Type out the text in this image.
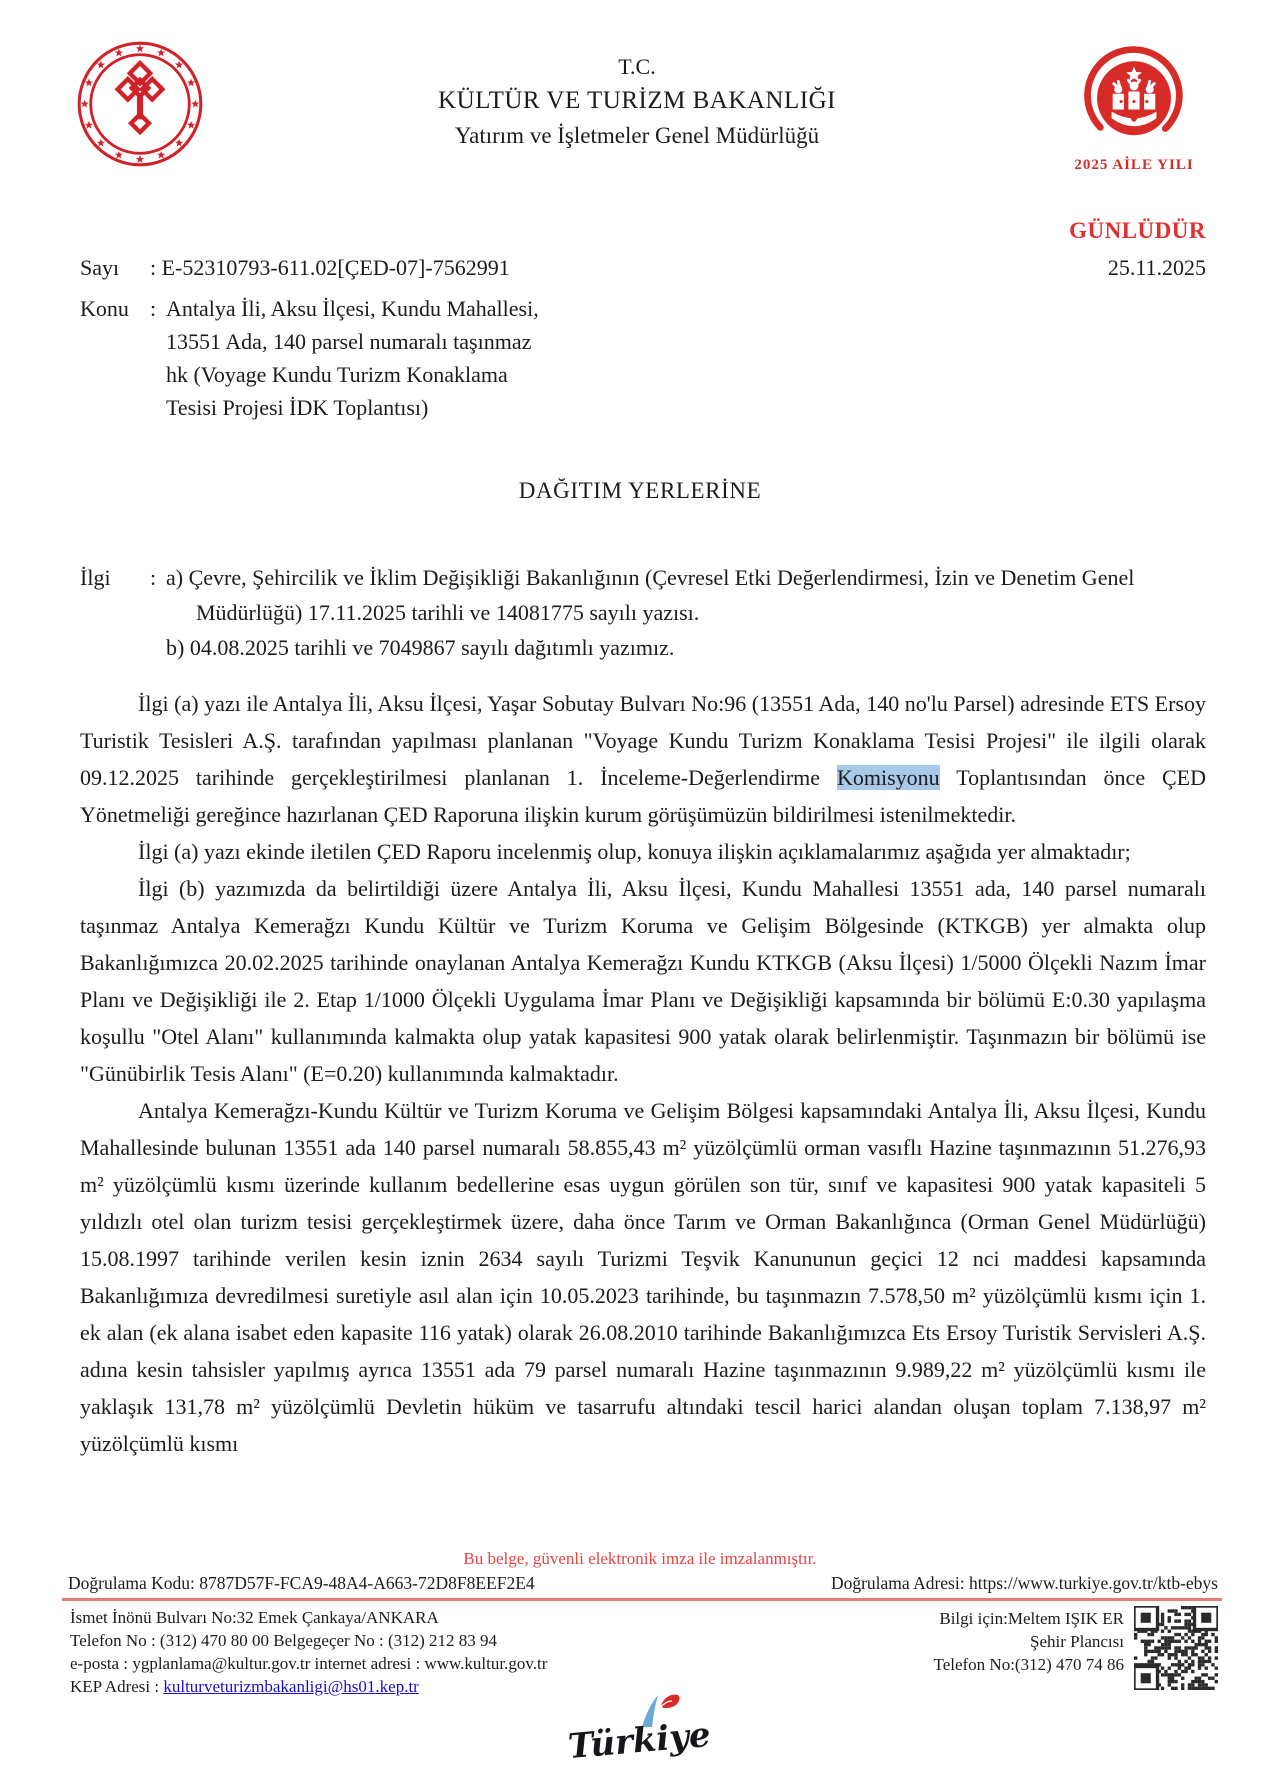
T.C.
KÜLTÜR VE TURİZM BAKANLIĞI
Yatırım ve İşletmeler Genel Müdürlüğü
2025 AİLE YILI
GÜNLÜDÜR
Sayı : E-52310793-611.02[ÇED-07]-7562991	25.11.2025
Konu : Antalya İli, Aksu İlçesi, Kundu Mahallesi,
13551 Ada, 140 parsel numaralı taşınmaz
hk (Voyage Kundu Turizm Konaklama
Tesisi Projesi İDK Toplantısı)
DAĞITIM YERLERİNE
İlgi	: a) Çevre, Şehircilik ve İklim Değişikliği Bakanlığının (Çevresel Etki Değerlendirmesi, İzin ve Denetim Genel Müdürlüğü) 17.11.2025 tarihli ve 14081775 sayılı yazısı.

b) 04.08.2025 tarihli ve 7049867 sayılı dağıtımlı yazımız.

İlgi (a) yazı ile Antalya İli, Aksu İlçesi, Yaşar Sobutay Bulvarı No:96 (13551 Ada, 140 no'lu Parsel) adresinde ETS Ersoy Turistik Tesisleri A.Ş. tarafından yapılması planlanan "Voyage Kundu Turizm Konaklama Tesisi Projesi" ile ilgili olarak 09.12.2025 tarihinde gerçekleştirilmesi planlanan 1. İnceleme-Değerlendirme Komisyonu Toplantısından önce ÇED Yönetmeliği gereğince hazırlanan ÇED Raporuna ilişkin kurum görüşümüzün bildirilmesi istenilmektedir.

İlgi (a) yazı ekinde iletilen ÇED Raporu incelenmiş olup, konuya ilişkin açıklamalarımız aşağıda yer almaktadır;

İlgi (b) yazımızda da belirtildiği üzere Antalya İli, Aksu İlçesi, Kundu Mahallesi 13551 ada, 140 parsel numaralı taşınmaz Antalya Kemerağzı Kundu Kültür ve Turizm Koruma ve Gelişim Bölgesinde (KTKGB) yer almakta olup Bakanlığımızca 20.02.2025 tarihinde onaylanan Antalya Kemerağzı Kundu KTKGB (Aksu İlçesi) 1/5000 Ölçekli Nazım İmar Planı ve Değişikliği ile 2. Etap 1/1000 Ölçekli Uygulama İmar Planı ve Değişikliği kapsamında bir bölümü E:0.30 yapılaşma koşullu "Otel Alanı" kullanımında kalmakta olup yatak kapasitesi 900 yatak olarak belirlenmiştir. Taşınmazın bir bölümü ise "Günübirlik Tesis Alanı" (E=0.20) kullanımında kalmaktadır.

Antalya Kemerağzı-Kundu Kültür ve Turizm Koruma ve Gelişim Bölgesi kapsamındaki Antalya İli, Aksu İlçesi, Kundu Mahallesinde bulunan 13551 ada 140 parsel numaralı 58.855,43 m² yüzölçümlü orman vasıflı Hazine taşınmazının 51.276,93 m² yüzölçümlü kısmı üzerinde kullanım bedellerine esas uygun görülen son tür, sınıf ve kapasitesi 900 yatak kapasiteli 5 yıldızlı otel olan turizm tesisi gerçekleştirmek üzere, daha önce Tarım ve Orman Bakanlığınca (Orman Genel Müdürlüğü) 15.08.1997 tarihinde verilen kesin iznin 2634 sayılı Turizmi Teşvik Kanununun geçici 12 nci maddesi kapsamında Bakanlığımıza devredilmesi suretiyle asıl alan için 10.05.2023 tarihinde, bu taşınmazın 7.578,50 m² yüzölçümlü kısmı için 1. ek alan (ek alana isabet eden kapasite 116 yatak) olarak 26.08.2010 tarihinde Bakanlığımızca Ets Ersoy Turistik Servisleri A.Ş. adına kesin tahsisler yapılmış ayrıca 13551 ada 79 parsel numaralı Hazine taşınmazının 9.989,22 m² yüzölçümlü kısmı ile yaklaşık 131,78 m² yüzölçümlü Devletin hüküm ve tasarrufu altındaki tescil harici alandan oluşan toplam 7.138,97 m² yüzölçümlü kısmı

Bu belge, güvenli elektronik imza ile imzalanmıştır.
Doğrulama Kodu: 8787D57F-FCA9-48A4-A663-72D8F8EEF2E4	Doğrulama Adresi: https://www.turkiye.gov.tr/ktb-ebys
İsmet İnönü Bulvarı No:32 Emek Çankaya/ANKARA
Telefon No : (312) 470 80 00 Belgegeçer No : (312) 212 83 94
e-posta : ygplanlama@kultur.gov.tr internet adresi : www.kultur.gov.tr
KEP Adresi : kulturveturizmbakanligi@hs01.kep.tr
Bilgi için:Meltem IŞIK ER
Şehir Plancısı
Telefon No:(312) 470 74 86
Türkiye
